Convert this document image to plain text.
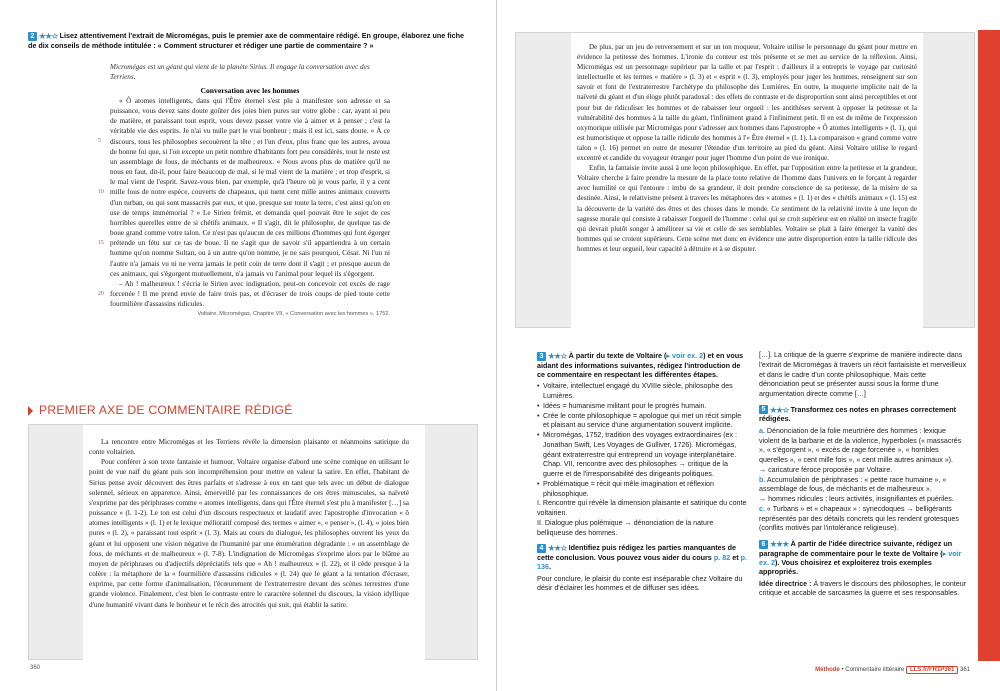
2 ★★☆ Lisez attentivement l'extrait de Micromégas, puis le premier axe de commentaire rédigé. En groupe, élaborez une fiche de dix conseils de méthode intitulée : « Comment structurer et rédiger une partie de commentaire ? »
Micromégas est un géant qui vient de la planète Sirius. Il engage la conversation avec des Terriens.
Conversation avec les hommes
5
10
15
20

« Ô atomes intelligents, dans qui l'Être éternel s'est plu à manifester son adresse et sa puissance, vous devez sans doute goûter des joies bien pures sur votre globe : car, ayant si peu de matière, et paraissant tout esprit, vous devez passer votre vie à aimer et à penser ; c'est la véritable vie des esprits. Je n'ai vu nulle part le vrai bonheur ; mais il est ici, sans doute. » À ce discours, tous les philosophes secouèrent la tête ; et l'un d'eux, plus franc que les autres, avoua de bonne foi que, si l'on excepte un petit nombre d'habitants fort peu considérés, tout le reste est un assemblage de fous, de méchants et de malheureux. « Nous avons plus de matière qu'il ne nous en faut, dit-il, pour faire beaucoup de mal, si le mal vient de la matière ; et trop d'esprit, si le mal vient de l'esprit. Savez-vous bien, par exemple, qu'à l'heure où je vous parle, il y a cent mille fous de notre espèce, couverts de chapeaux, qui tuent cent mille autres animaux couverts d'un turban, ou qui sont massacrés par eux, et que, presque sur toute la terre, c'est ainsi qu'on en use de temps immémorial ? » Le Sirien frémit, et demanda quel pouvait être le sujet de ces horribles querelles entre de si chétifs animaux. « Il s'agit, dit le philosophe, de quelque tas de boue grand comme votre talon. Ce n'est pas qu'aucun de ces millions d'hommes qui font égorger prétende un fétu sur ce tas de boue. Il ne s'agit que de savoir s'il appartiendra à un certain homme qu'on nomme Sultan, ou à un autre qu'on nomme, je ne sais pourquoi, César. Ni l'un ni l'autre n'a jamais vu ni ne verra jamais le petit coin de terre dont il s'agit ; et presque aucun de ces animaux, qui s'égorgent mutuellement, n'a jamais vu l'animal pour lequel ils s'égorgent.

– Ah ! malheureux ! s'écria le Sirien avec indignation, peut-on concevoir cet excès de rage forcenée ! Il me prend envie de faire trois pas, et d'écraser de trois coups de pied toute cette fourmilière d'assassins ridicules.

Voltaire, Micromégas, Chapitre VII, « Conversation avec les hommes », 1752.
PREMIER AXE DE COMMENTAIRE RÉDIGÉ

La rencontre entre Micromégas et les Terriens révèle la dimension plaisante et néanmoins satirique du conte voltairien.

Pour conférer à son texte fantaisie et humour, Voltaire organise d'abord une scène comique en utilisant le point de vue naïf du géant puis son incompréhension pour mettre en valeur la satire. En effet, l'habitant de Sirius pense avoir découvert des êtres parfaits et s'adresse à eux en tant que tels avec un début de dialogue solennel, sérieux en apparence. Ainsi, émerveillé par les connaissances de ces êtres minuscules, sa naïveté s'exprime par des périphrases comme « atomes intelligents, dans qui l'Être éternel s'est plu à manifester […] sa puissance » (l. 1-2). Le ton est celui d'un discours respectueux et laudatif avec l'apostrophe d'invocation « ô atomes intelligents » (l. 1) et le lexique mélioratif composé des termes « aimer », « penser », (l. 4), « joies bien pures » (l. 2), « paraissant tout esprit » (l. 3). Mais au cours du dialogue, les philosophes ouvrent les yeux du géant et lui opposent une vision négative de l'humanité par une énumération dégradante : « un assemblage de fous, de méchants et de malheureux » (l. 7-8). L'indignation de Micromégas s'exprime alors par le blâme au moyen de périphrases ou d'adjectifs dépréciatifs tels que « Ah ! malheureux » (l. 22), et il cède presque à la colère : la métaphore de la « fourmilière d'assassins ridicules » (l. 24) que le géant a la tentation d'écraser, exprime, par cette forme d'animalisation, l'écœurement de l'extraterrestre devant des scènes terrestres d'une grande violence. Finalement, c'est bien le contraste entre le caractère solennel du discours, la vision idyllique d'une humanité vivant dans le bonheur et le récit des atrocités qui suit, qui établit la satire.

360

De plus, par un jeu de renversement et sur un ton moqueur, Voltaire utilise le personnage du géant pour mettre en évidence la petitesse des hommes. L'ironie du conteur est très présente et se met au service de la réflexion. Ainsi, Micromégas est un personnage supérieur par la taille et par l'esprit : d'ailleurs il a entrepris le voyage par curiosité intellectuelle et les termes « matière » (l. 3) et « esprit » (l. 3), employés pour juger les hommes, renseignent sur son savoir et font de l'extraterrestre l'archétype du philosophe des Lumières. En outre, la moquerie implicite nait de la naïveté du géant et d'un éloge plutôt paradoxal : des effets de contraste et de disproportion sont ainsi perceptibles et ont pour but de ridiculiser les hommes et de rabaisser leur orgueil : les antithèses servent à opposer la petitesse et la vulnérabilité des hommes à la taille du géant, l'infiniment grand à l'infiniment petit. Il en est de même de l'expression oxymorique utilisée par Micromégas pour s'adresser aux hommes dans l'apostrophe « Ô atomes intelligents » (l. 1), qui est humoristique et oppose la taille ridicule des hommes à l'« Être éternel » (l. 1). La comparaison « grand comme votre talon » (l. 16) permet en outre de mesurer l'étendue d'un territoire au pied du géant. Ainsi Voltaire utilise le regard excentré et candide du voyageur étranger pour juger l'homme d'un point de vue ironique.

Enfin, la fantaisie invite aussi à une leçon philosophique. En effet, par l'opposition entre la petitesse et la grandeur, Voltaire cherche à faire prendre la mesure de la place toute relative de l'homme dans l'univers en le forçant à regarder avec humilité ce qui l'entoure : imbu de sa grandeur, il doit prendre conscience de sa petitesse, de la misère de sa destinée. Ainsi, le relativisme présent à travers les métaphores des « atomes » (l. 1) et des « chétifs animaux » (l. 15) est la découverte de la variété des êtres et des choses dans le monde. Ce sentiment de la relativité invite à une leçon de sagesse morale qui consiste à rabaisser l'orgueil de l'homme : celui qui se croit supérieur est en réalité un insecte fragile qui devrait plutôt songer à améliorer sa vie et celle de ses semblables. Voltaire se plait à faire émerger la vanité des hommes qui se croient supérieurs. Cette scène met donc en évidence une autre disproportion entre la taille ridicule des hommes et leur orgueil, leur capacité à détruire et à se disputer.

3 ★★☆ À partir du texte de Voltaire (▸ voir ex. 2) et en vous aidant des informations suivantes, rédigez l'introduction de ce commentaire en respectant les différentes étapes.
• Voltaire, intellectuel engagé du XVIIIe siècle, philosophe des Lumières.
• Idées = humanisme militant pour le progrès humain.
• Crée le conte philosophique = apologue qui met un récit simple et plaisant au service d'une argumentation souvent implicite.
• Micromégas, 1752, tradition des voyages extraordinaires (ex : Jonathan Swift, Les Voyages de Gulliver, 1726). Micromégas, géant extraterrestre qui entreprend un voyage interplanétaire. Chap. VII, rencontre avec des philosophes → critique de la guerre et de l'irresponsabilité des dirigeants politiques.
• Problématique = récit qui mêle imagination et réflexion philosophique.

I. Rencontre qui révèle la dimension plaisante et satirique du conte voltairien.

II. Dialogue plus polémique → dénonciation de la nature belliqueuse des hommes.

4 ★★☆ Identifiez puis rédigez les parties manquantes de cette conclusion. Vous pouvez vous aider du cours p. 82 et p. 136.

Pour conclure, le plaisir du conte est inséparable chez Voltaire du désir d'éclairer les hommes et de diffuser ses idées.

[…]. La critique de la guerre s'exprime de manière indirecte dans l'extrait de Micromégas à travers un récit fantaisiste et merveilleux et dans le cadre d'un conte philosophique. Mais cette dénonciation peut se présenter aussi sous la forme d'une argumentation directe comme […]

5 ★★☆ Transformez ces notes en phrases correctement rédigées.

a. Dénonciation de la folie meurtrière des hommes : lexique violent de la barbarie et de la violence, hyperboles (« massacrés », « s'égorgent », « excès de rage forcenée », « horribles querelles », « cent mille fois », « cent mille autres animaux »).

→ caricature féroce proposée par Voltaire.

b. Accumulation de périphrases : « petite race humaine », « assemblage de fous, de méchants et de malheureux ».

→ hommes ridicules : leurs activités, insignifiantes et puériles.

c. « Turbans » et « chapeaux » : synecdoques → belligérants représentés par des détails concrets qui les rendent grotesques (conflits motivés par l'intolérance religieuse).

6 ★★★ À partir de l'idée directrice suivante, rédigez un paragraphe de commentaire pour le texte de Voltaire (▸ voir ex. 2). Vous choisirez et exploiterez trois exemples appropriés.

Idée directrice : À travers le discours des philosophes, le conteur critique et accable de sarcasmes la guerre et ses responsables.

Méthode • Commentaire littéraire LLS.fr/FR1P361 361
